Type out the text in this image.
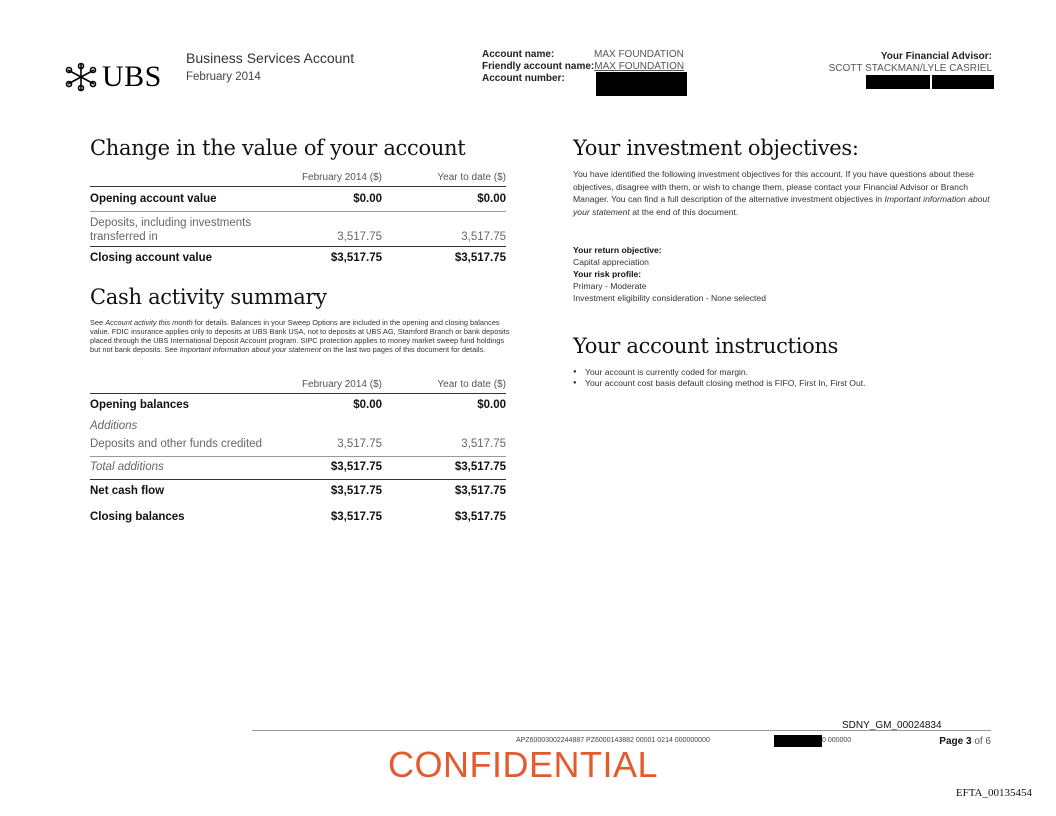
UBS
Business Services Account
February 2014
Account name:	MAX FOUNDATION
Friendly account name:MAX FOUNDATION
Account number:
Your Financial Advisor:
SCOTT STACKMAN/LYLE CASRIEL
Change in the value of your account
February 2014 ($)	Year to date ($)
Opening account value	$0.00	$0.00
Deposits, including investments
transferred in	3,517.75	3,517.75
Closing account value	$3,517.75	$3,517.75
Cash activity summary
See Account activity this month for details. Balances in your Sweep Options are included in the opening and closing balances value. FDIC insurance applies only to deposits at UBS Bank USA, not to deposits at UBS AG, Stamford Branch or bank deposits placed through the UBS International Deposit Account program. SIPC protection applies to money market sweep fund holdings but not bank deposits. See Important information about your statement on the last two pages of this document for details.
February 2014 ($)	Year to date ($)
Opening balances	$0.00	$0.00
Additions
Deposits and other funds credited	3,517.75	3,517.75
Total additions	$3,517.75	$3,517.75
Net cash flow	$3,517.75	$3,517.75
Closing balances	$3,517.75	$3,517.75
Your investment objectives:
You have identified the following investment objectives for this account. If you have questions about these objectives, disagree with them, or wish to change them, please contact your Financial Advisor or Branch Manager. You can find a full description of the alternative investment objectives in Important information about your statement at the end of this document.
Your return objective:
Capital appreciation
Your risk profile:
Primary - Moderate
Investment eligibility consideration - None selected
Your account instructions
● Your account is currently coded for margin.
● Your account cost basis default closing method is FIFO, First In, First Out.
SDNY_GM_00024834
APZ60003002244887 PZ6000143882 00001 0214 000000000	0 000000	Page 3 of 6
CONFIDENTIAL
EFTA_00135454
